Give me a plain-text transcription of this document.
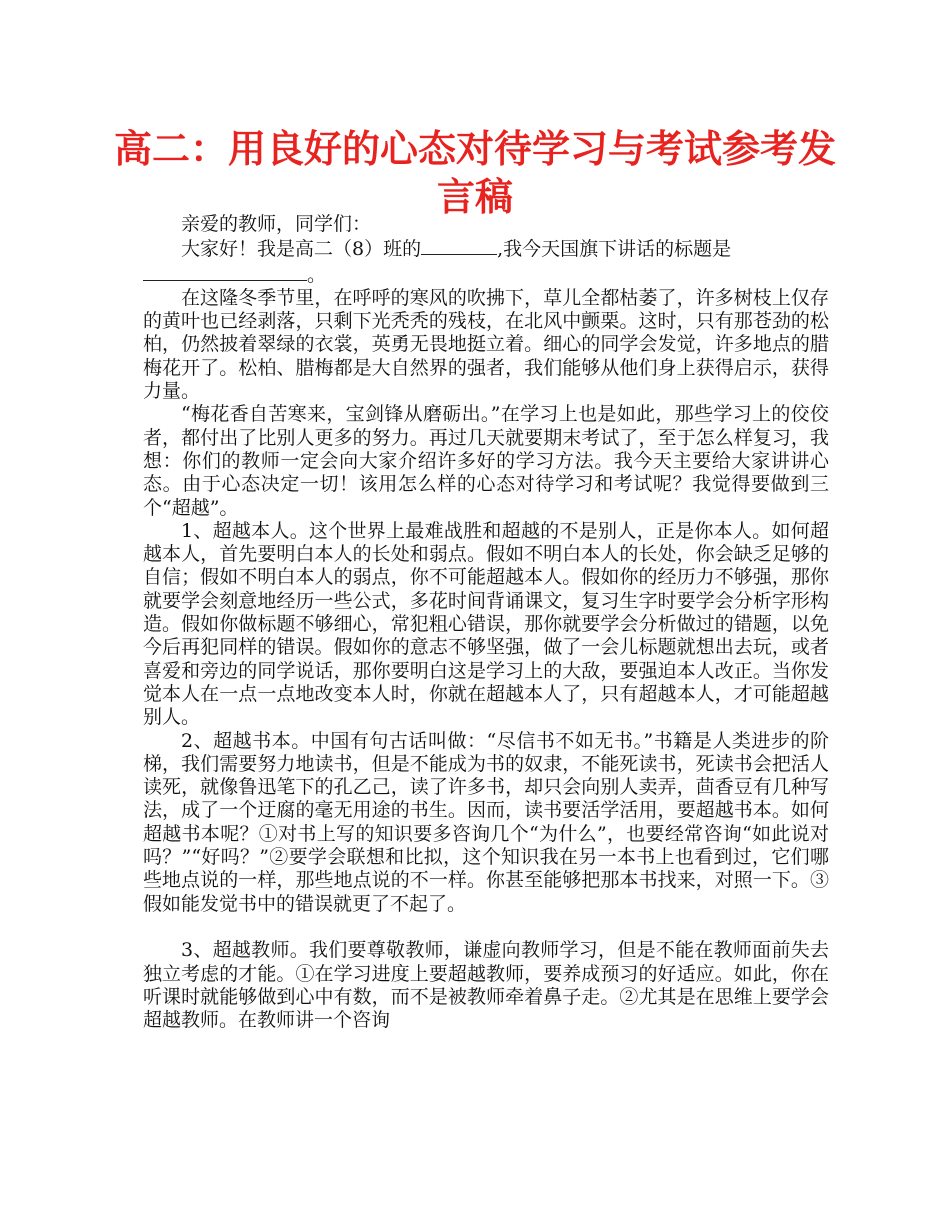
高二：用良好的心态对待学习与考试参考发言稿

亲爱的教师，同学们：

大家好！我是高二（8）班的	,我今天国旗下讲话的标题是
。

在这隆冬季节里，在呼呼的寒风的吹拂下，草儿全都枯萎了，许多树枝上仅存的黄叶也已经剥落，只剩下光秃秃的残枝，在北风中颤栗。这时，只有那苍劲的松柏，仍然披着翠绿的衣裳，英勇无畏地挺立着。细心的同学会发觉，许多地点的腊梅花开了。松柏、腊梅都是大自然界的强者，我们能够从他们身上获得启示，获得力量。

“梅花香自苦寒来，宝剑锋从磨砺出。”在学习上也是如此，那些学习上的佼佼者，都付出了比别人更多的努力。再过几天就要期末考试了，至于怎么样复习，我想：你们的教师一定会向大家介绍许多好的学习方法。我今天主要给大家讲讲心态。由于心态决定一切！该用怎么样的心态对待学习和考试呢？我觉得要做到三个“超越”。

1、超越本人。这个世界上最难战胜和超越的不是别人，正是你本人。如何超越本人，首先要明白本人的长处和弱点。假如不明白本人的长处，你会缺乏足够的自信；假如不明白本人的弱点，你不可能超越本人。假如你的经历力不够强，那你就要学会刻意地经历一些公式，多花时间背诵课文，复习生字时要学会分析字形构造。假如你做标题不够细心，常犯粗心错误，那你就要学会分析做过的错题，以免今后再犯同样的错误。假如你的意志不够坚强，做了一会儿标题就想出去玩，或者喜爱和旁边的同学说话，那你要明白这是学习上的大敌，要强迫本人改正。当你发觉本人在一点一点地改变本人时，你就在超越本人了，只有超越本人，才可能超越别人。

2、超越书本。中国有句古话叫做：“尽信书不如无书。”书籍是人类进步的阶梯，我们需要努力地读书，但是不能成为书的奴隶，不能死读书，死读书会把活人读死，就像鲁迅笔下的孔乙己，读了许多书，却只会向别人卖弄，茴香豆有几种写法，成了一个迂腐的毫无用途的书生。因而，读书要活学活用，要超越书本。如何超越书本呢？①对书上写的知识要多咨询几个“为什么”，也要经常咨询“如此说对吗？”“好吗？”②要学会联想和比拟，这个知识我在另一本书上也看到过，它们哪些地点说的一样，那些地点说的不一样。你甚至能够把那本书找来，对照一下。③假如能发觉书中的错误就更了不起了。

3、超越教师。我们要尊敬教师，谦虚向教师学习，但是不能在教师面前失去独立考虑的才能。①在学习进度上要超越教师，要养成预习的好适应。如此，你在听课时就能够做到心中有数，而不是被教师牵着鼻子走。②尤其是在思维上要学会超越教师。在教师讲一个咨询
